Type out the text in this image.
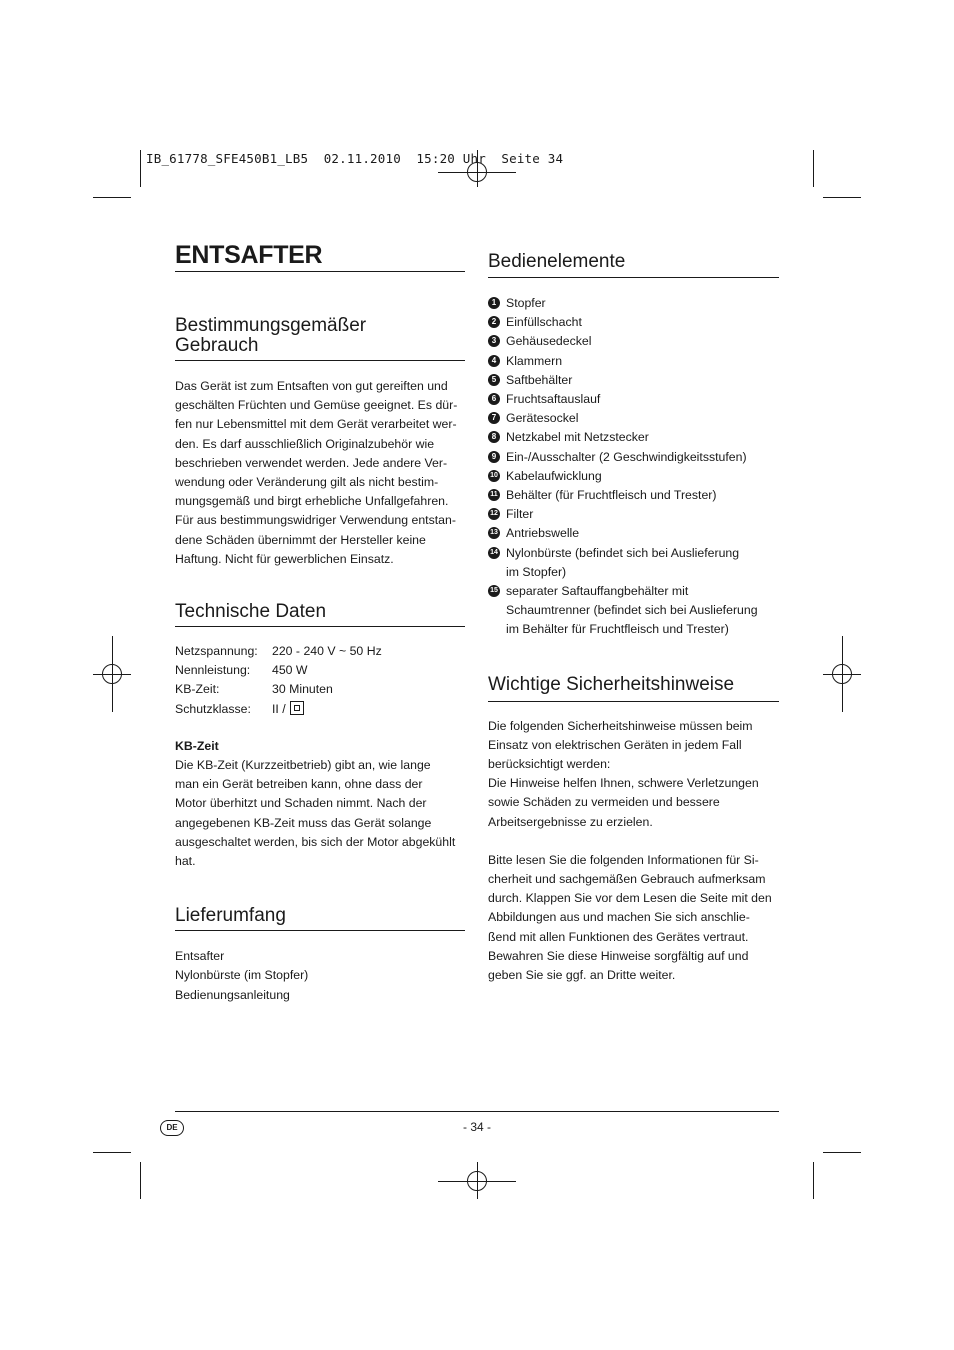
IB_61778_SFE450B1_LB5  02.11.2010  15:20 Uhr  Seite 34
ENTSAFTER
Bestimmungsgemäßer
Gebrauch
Das Gerät ist zum Entsaften von gut gereiften und
geschälten Früchten und Gemüse geeignet. Es dür-
fen nur Lebensmittel mit dem Gerät verarbeitet wer-
den. Es darf ausschließlich Originalzubehör wie
beschrieben verwendet werden. Jede andere Ver-
wendung oder Veränderung gilt als nicht bestim-
mungsgemäß und birgt erhebliche Unfallgefahren.
Für aus bestimmungswidriger Verwendung entstan-
dene Schäden übernimmt der Hersteller keine
Haftung. Nicht für gewerblichen Einsatz.
Technische Daten
Netzspannung:	220 - 240 V ~ 50 Hz
Nennleistung:	450 W
KB-Zeit:	30 Minuten
Schutzklasse:	II /
KB-Zeit
Die KB-Zeit (Kurzzeitbetrieb) gibt an, wie lange
man ein Gerät betreiben kann, ohne dass der
Motor überhitzt und Schaden nimmt. Nach der
angegebenen KB-Zeit muss das Gerät solange
ausgeschaltet werden, bis sich der Motor abgekühlt
hat.
Lieferumfang
Entsafter
Nylonbürste (im Stopfer)
Bedienungsanleitung
Bedienelemente
1 Stopfer
2 Einfüllschacht
3 Gehäusedeckel
4 Klammern
5 Saftbehälter
6 Fruchtsaftauslauf
7 Gerätesockel
8 Netzkabel mit Netzstecker
9 Ein-/Ausschalter (2 Geschwindigkeitsstufen)
10 Kabelaufwicklung
11 Behälter (für Fruchtfleisch und Trester)
12 Filter
13 Antriebswelle
14 Nylonbürste (befindet sich bei Auslieferung
im Stopfer)
15 separater Saftauffangbehälter mit
Schaumtrenner (befindet sich bei Auslieferung
im Behälter für Fruchtfleisch und Trester)
Wichtige Sicherheitshinweise
Die folgenden Sicherheitshinweise müssen beim
Einsatz von elektrischen Geräten in jedem Fall
berücksichtigt werden:
Die Hinweise helfen Ihnen, schwere Verletzungen
sowie Schäden zu vermeiden und bessere
Arbeitsergebnisse zu erzielen.
Bitte lesen Sie die folgenden Informationen für Si-
cherheit und sachgemäßen Gebrauch aufmerksam
durch. Klappen Sie vor dem Lesen die Seite mit den
Abbildungen aus und machen Sie sich anschlie-
ßend mit allen Funktionen des Gerätes vertraut.
Bewahren Sie diese Hinweise sorgfältig auf und
geben Sie sie ggf. an Dritte weiter.
DE	- 34 -
